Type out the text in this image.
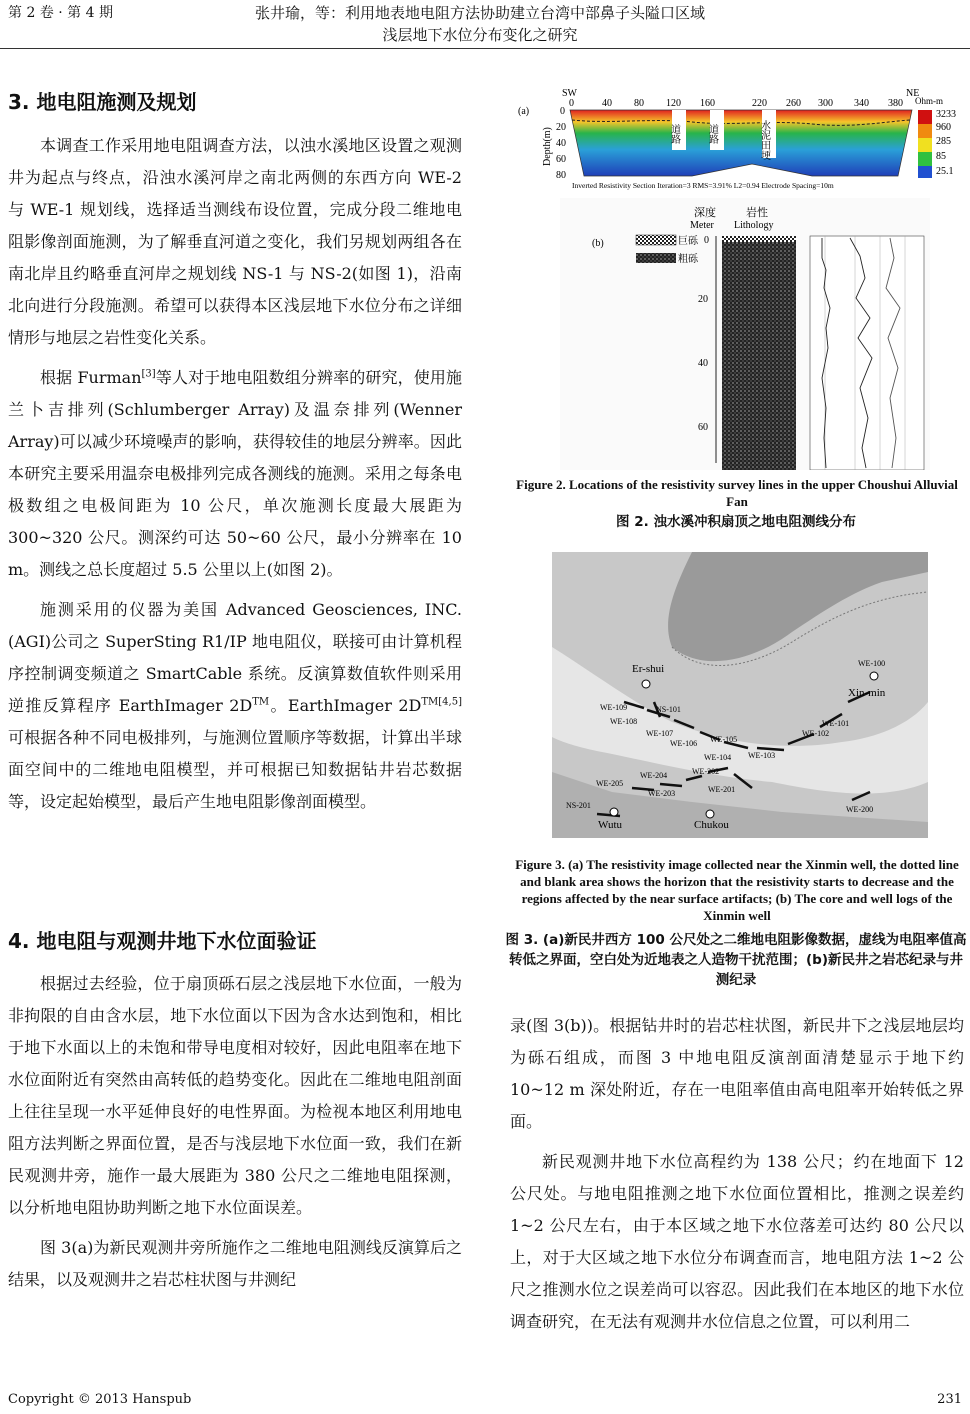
第 2 卷 · 第 4 期	张井瑜，等：利用地表地电阻方法协助建立台湾中部鼻子头隘口区域
浅层地下水位分布变化之研究
3. 地电阻施测及规划

本调查工作采用地电阻调查方法，以浊水溪地区设置之观测井为起点与终点，沿浊水溪河岸之南北两侧的东西方向 WE-2 与 WE-1 规划线，选择适当测线布设位置，完成分段二维地电阻影像剖面施测，为了解垂直河道之变化，我们另规划两组各在南北岸且约略垂直河岸之规划线 NS-1 与 NS-2(如图 1)，沿南北向进行分段施测。希望可以获得本区浅层地下水位分布之详细情形与地层之岩性变化关系。

根据 Furman[3]等人对于地电阻数组分辨率的研究，使用施兰卜吉排列(Schlumberger Array)及温奈排列(Wenner Array)可以减少环境噪声的影响，获得较佳的地层分辨率。因此本研究主要采用温奈电极排列完成各测线的施测。采用之每条电极数组之电极间距为 10 公尺，单次施测长度最大展距为 300~320 公尺。测深约可达 50~60 公尺，最小分辨率在 10 m。测线之总长度超过 5.5 公里以上(如图 2)。

施测采用的仪器为美国 Advanced Geosciences, INC.(AGI)公司之 SuperSting R1/IP 地电阻仪，联接可由计算机程序控制调变频道之 SmartCable 系统。反演算数值软件则采用逆推反算程序 EarthImager 2D™。EarthImager $2D^{TM[4,5]}$可根据各种不同电极排列，与施测位置顺序等数据，计算出半球面空间中的二维地电阻模型，并可根据已知数据钻井岩芯数据等，设定起始模型，最后产生地电阻影像剖面模型。

4. 地电阻与观测井地下水位面验证

根据过去经验，位于扇顶砾石层之浅层地下水位面，一般为非拘限的自由含水层，地下水位面以下因为含水达到饱和，相比于地下水面以上的未饱和带导电度相对较好，因此电阻率在地下水位面附近有突然由高转低的趋势变化。因此在二维地电阻剖面上往往呈现一水平延伸良好的电性界面。为检视本地区利用地电阻方法判断之界面位置，是否与浅层地下水位面一致，我们在新民观测井旁，施作一最大展距为 380 公尺之二维地电阻探测，以分析地电阻协助判断之地下水位面误差。

图 3(a)为新民观测井旁所施作之二维地电阻测线反演算后之结果，以及观测井之岩芯柱状图与井测纪

(a)
SW	NE
0	40 80 120 160	220 260 300 340 380
Depth(m)
0
20
40
60
80
道路	道路	水泥田埂
Ohm-m
3233
960
285
85
25.1
Inverted Resistivity Section Iteration=3 RMS=3.91% L2=0.94 Electrode Spacing=10m
深度
Meter
岩性
Lithology
(b)	巨砾
粗砾
0
20
40
60
Figure 2. Locations of the resistivity survey lines in the upper Choushui Alluvial Fan
图 2. 浊水溪冲积扇顶之地电阻测线分布
WE-109	NS-101
WE-108
WE-107
WE-106 WE-105
WE-104 WE-103
WE-102
WE-101
WE-100
WE-205
WE-204
WE-203
WE-202
WE-201
WE-200
NS-201
Er-shui
Xin-min
Wutu	Chukou
Figure 3. (a) The resistivity image collected near the Xinmin well, the dotted line and blank area shows the horizon that the resistivity starts to decrease and the regions affected by the near surface artifacts; (b) The core and well logs of the Xinmin well
图 3. (a)新民井西方 100 公尺处之二维地电阻影像数据，虚线为电阻率值高转低之界面，空白处为近地表之人造物干扰范围；(b)新民井之岩芯纪录与井测纪录

录(图 3(b))。根据钻井时的岩芯柱状图，新民井下之浅层地层均为砾石组成，而图 3 中地电阻反演剖面清楚显示于地下约 10~12 m 深处附近，存在一电阻率值由高电阻率开始转低之界面。

新民观测井地下水位高程约为 138 公尺；约在地面下 12 公尺处。与地电阻推测之地下水位面位置相比，推测之误差约 1~2 公尺左右，由于本区域之地下水位落差可达约 80 公尺以上，对于大区域之地下水位分布调查而言，地电阻方法 1~2 公尺之推测水位之误差尚可以容忍。因此我们在本地区的地下水位调查研究，在无法有观测井水位信息之位置，可以利用二

Copyright © 2013 Hanspub	231
